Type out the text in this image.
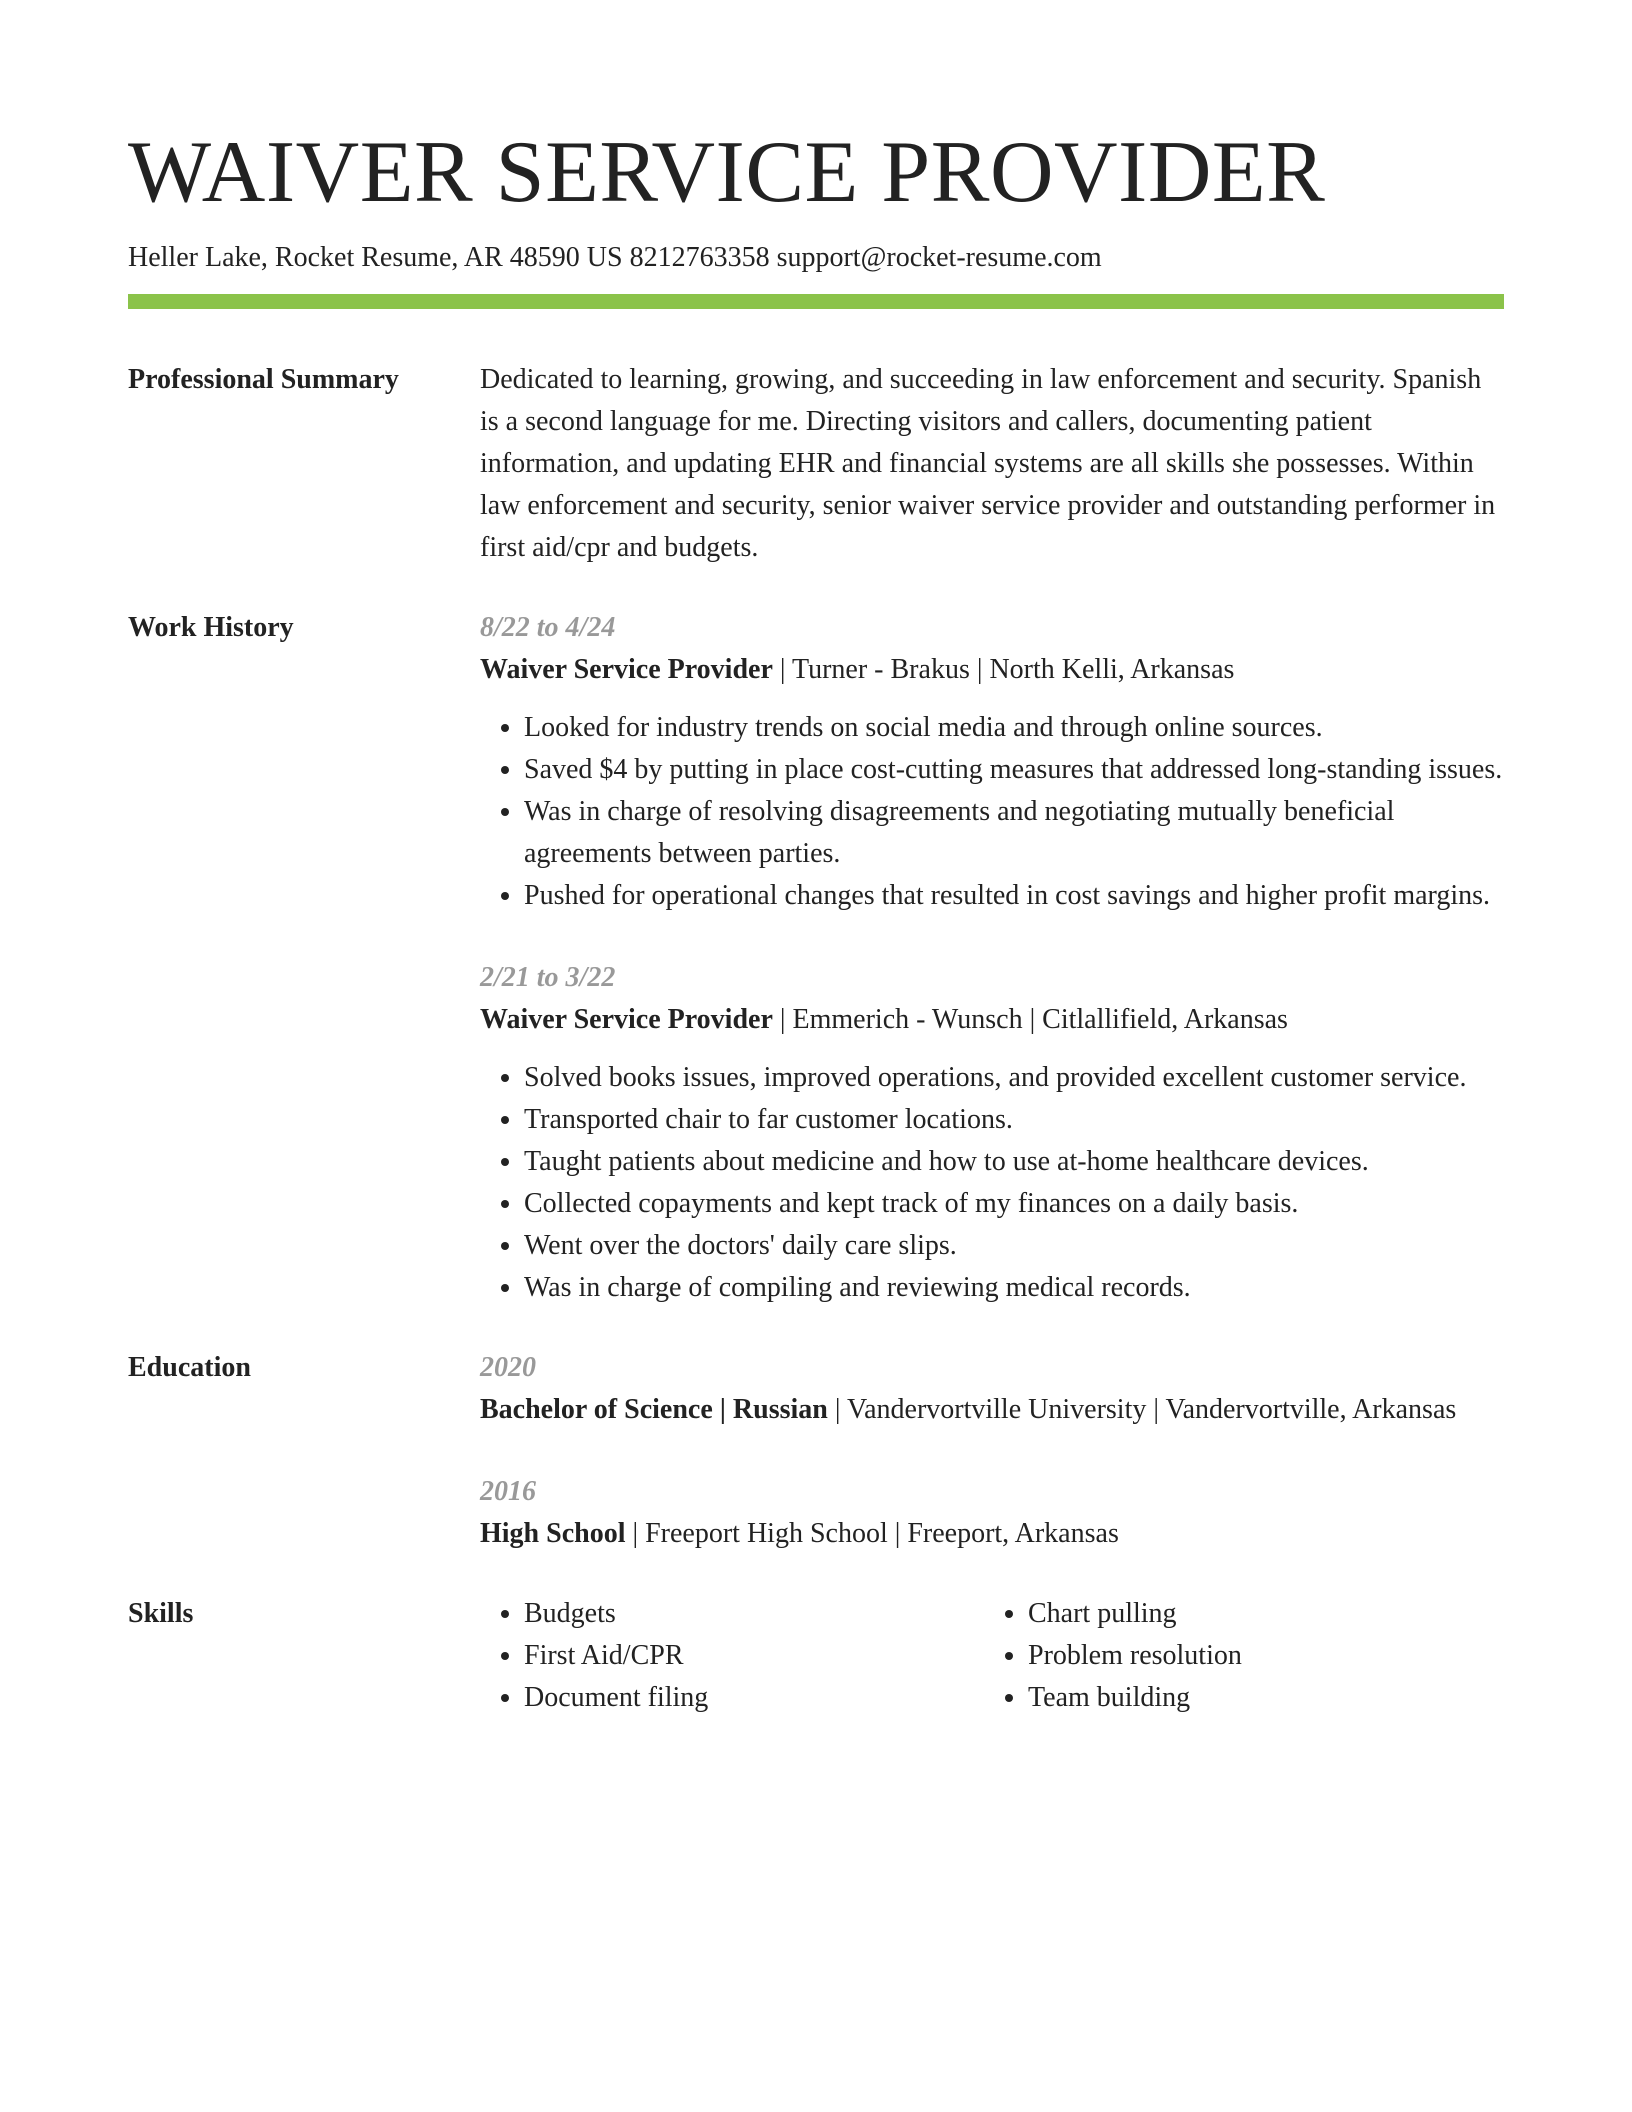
WAIVER SERVICE PROVIDER
Heller Lake, Rocket Resume, AR 48590 US 8212763358 support@rocket-resume.com
Professional Summary	Dedicated to learning, growing, and succeeding in law enforcement and security. Spanish is a second language for me. Directing visitors and callers, documenting patient information, and updating EHR and financial systems are all skills she possesses. Within law enforcement and security, senior waiver service provider and outstanding performer in first aid/cpr and budgets.

Work History	8/22 to 4/24
Waiver Service Provider | Turner - Brakus | North Kelli, Arkansas
• Looked for industry trends on social media and through online sources.
• Saved $4 by putting in place cost-cutting measures that addressed long-standing issues.
• Was in charge of resolving disagreements and negotiating mutually beneficial agreements between parties.
• Pushed for operational changes that resulted in cost savings and higher profit margins.
2/21 to 3/22
Waiver Service Provider | Emmerich - Wunsch | Citlallifield, Arkansas
• Solved books issues, improved operations, and provided excellent customer service.
• Transported chair to far customer locations.
• Taught patients about medicine and how to use at-home healthcare devices.
• Collected copayments and kept track of my finances on a daily basis.
• Went over the doctors' daily care slips.
• Was in charge of compiling and reviewing medical records.
Education	2020
Bachelor of Science | Russian | Vandervortville University | Vandervortville, Arkansas
2016
High School | Freeport High School | Freeport, Arkansas
Skills
•	Budgets
• First Aid/CPR
• Document filing
• Chart pulling
• Problem resolution
• Team building
